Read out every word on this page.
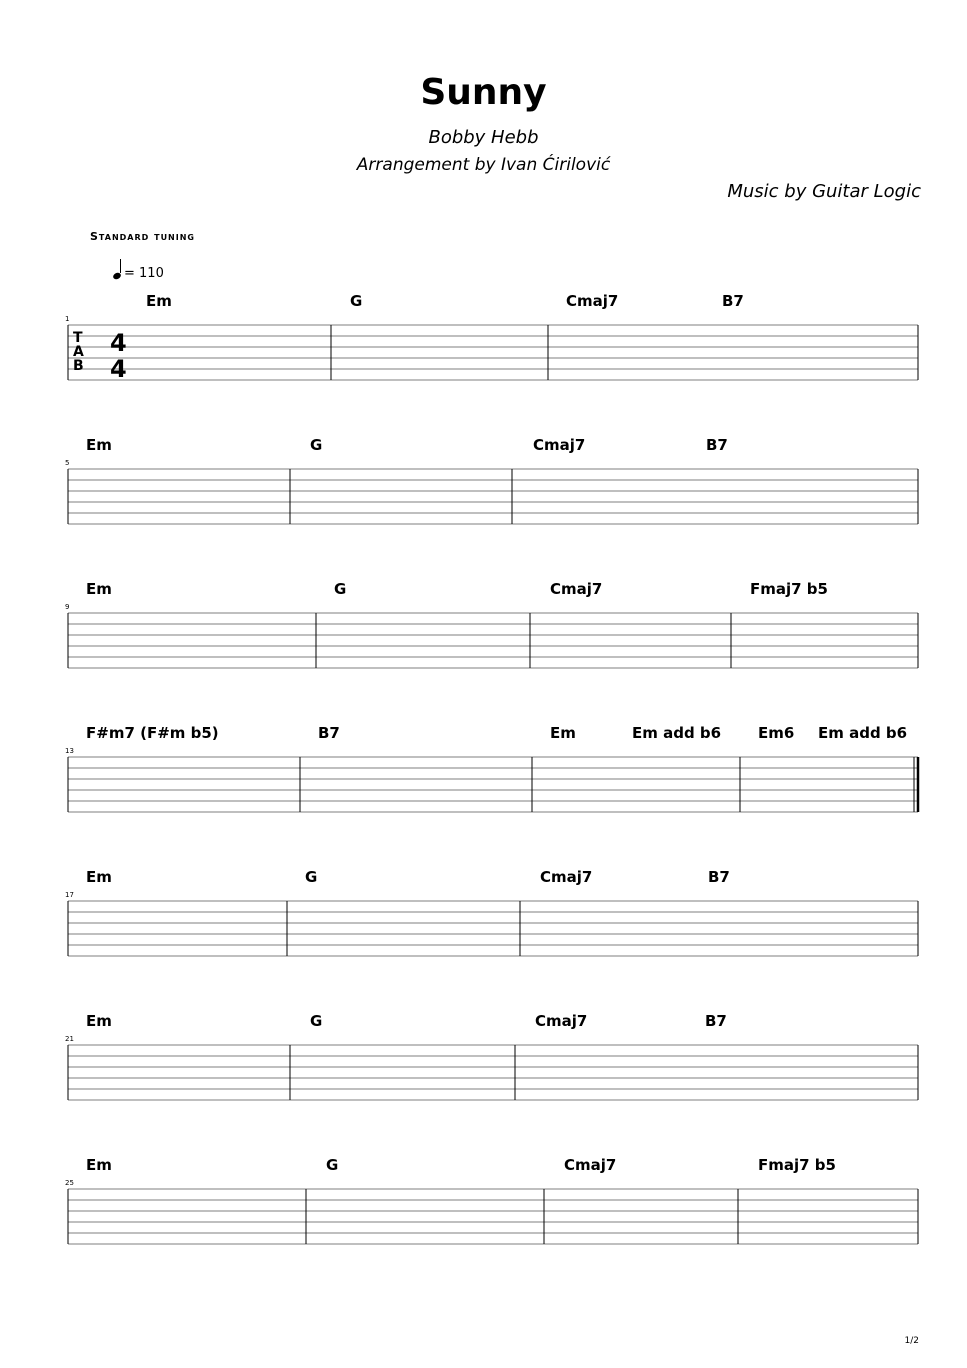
Sunny
Bobby Hebb
Arrangement by Ivan Ćirilović
Music by Guitar Logic
Standard tuning
= 110
1
Em	G	Cmaj7	B7
T
A
B
4
4
5
Em	G	Cmaj7	B7
9
Em	G	Cmaj7	Fmaj7 b5
13
F#m7 (F#m b5)	B7	Em	Em add b6 Em6 Em add b6
17
Em	G	Cmaj7	B7
21
Em	G	Cmaj7	B7
25
Em	G	Cmaj7	Fmaj7 b5
1/2
